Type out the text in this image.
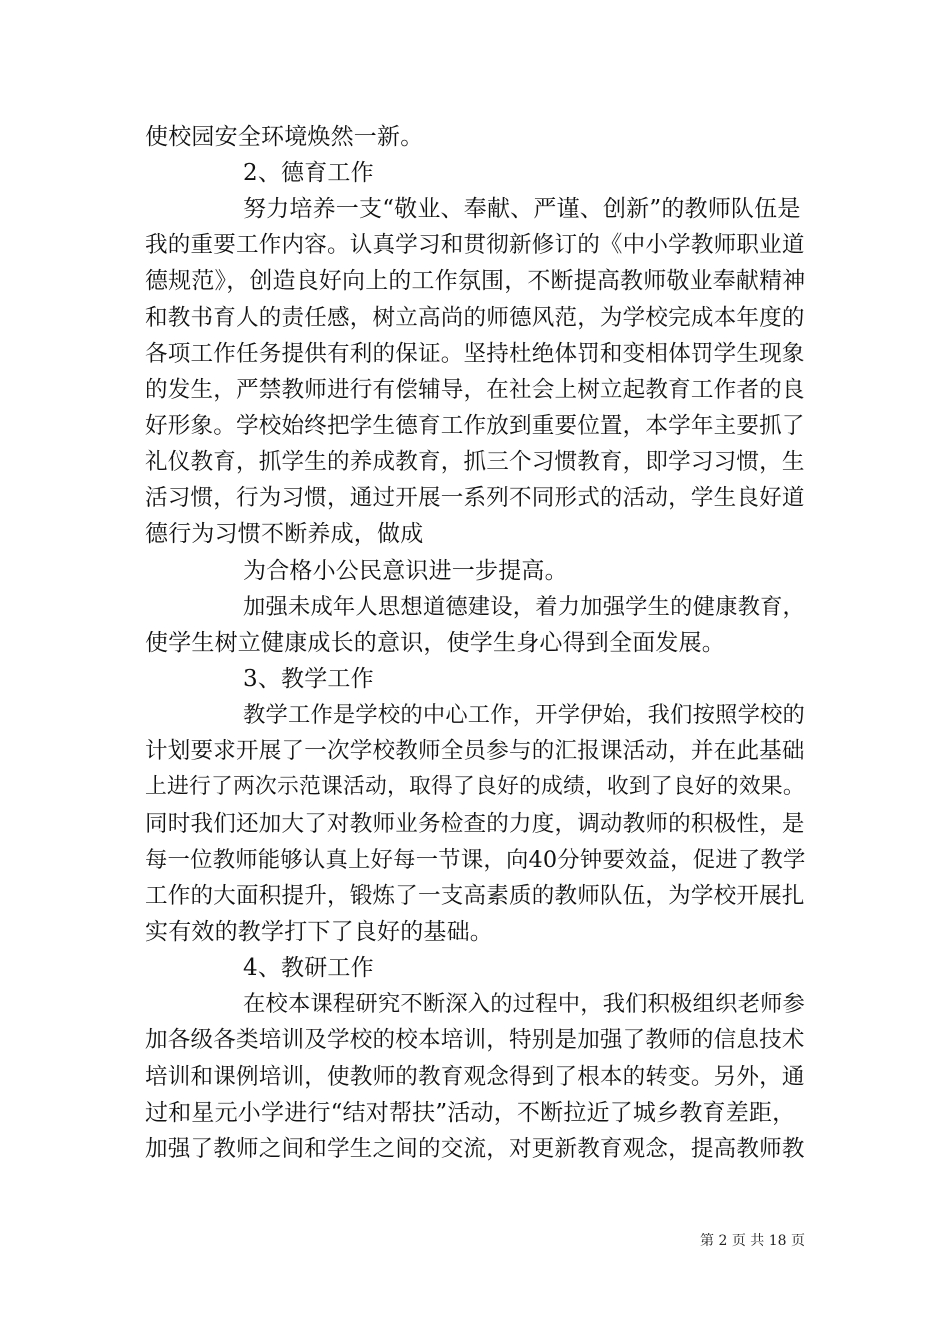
使校园安全环境焕然一新。
2、德育工作
努力培养一支“敬业、奉献、严谨、创新”的教师队伍是
我的重要工作内容。认真学习和贯彻新修订的《中小学教师职业道
德规范》，创造良好向上的工作氛围，不断提高教师敬业奉献精神
和教书育人的责任感，树立高尚的师德风范，为学校完成本年度的
各项工作任务提供有利的保证。坚持杜绝体罚和变相体罚学生现象
的发生，严禁教师进行有偿辅导，在社会上树立起教育工作者的良
好形象。学校始终把学生德育工作放到重要位置，本学年主要抓了
礼仪教育，抓学生的养成教育，抓三个习惯教育，即学习习惯，生
活习惯，行为习惯，通过开展一系列不同形式的活动，学生良好道
德行为习惯不断养成，做成
为合格小公民意识进一步提高。
加强未成年人思想道德建设，着力加强学生的健康教育，
使学生树立健康成长的意识，使学生身心得到全面发展。
3、教学工作
教学工作是学校的中心工作，开学伊始，我们按照学校的
计划要求开展了一次学校教师全员参与的汇报课活动，并在此基础
上进行了两次示范课活动，取得了良好的成绩，收到了良好的效果。
同时我们还加大了对教师业务检查的力度，调动教师的积极性，是
每一位教师能够认真上好每一节课，向40分钟要效益，促进了教学
工作的大面积提升，锻炼了一支高素质的教师队伍，为学校开展扎
实有效的教学打下了良好的基础。
4、教研工作
在校本课程研究不断深入的过程中，我们积极组织老师参
加各级各类培训及学校的校本培训，特别是加强了教师的信息技术
培训和课例培训，使教师的教育观念得到了根本的转变。另外，通
过和星元小学进行“结对帮扶”活动，不断拉近了城乡教育差距，
加强了教师之间和学生之间的交流，对更新教育观念，提高教师教
第 2 页 共 18 页
